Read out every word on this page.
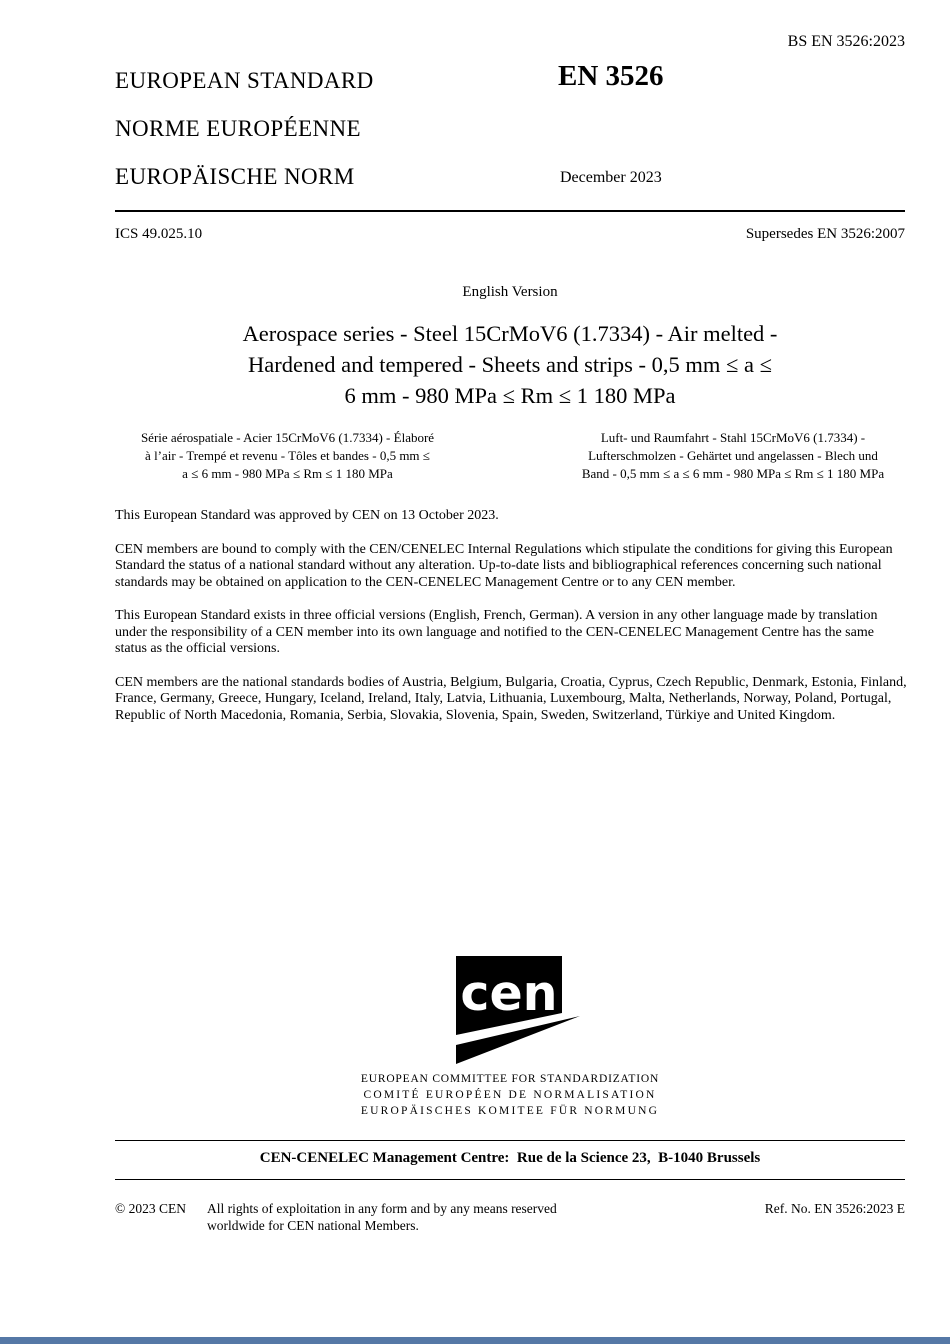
BS EN 3526:2023
EUROPEAN STANDARD
NORME EUROPÉENNE
EUROPÄISCHE NORM
EN 3526
December 2023
ICS 49.025.10	Supersedes EN 3526:2007
English Version
Aerospace series - Steel 15CrMoV6 (1.7334) - Air melted -
Hardened and tempered - Sheets and strips - 0,5 mm ≤ a ≤
6 mm - 980 MPa ≤ Rm ≤ 1 180 MPa
Série aérospatiale - Acier 15CrMoV6 (1.7334) - Élaboré
à l’air - Trempé et revenu - Tôles et bandes - 0,5 mm ≤
a ≤ 6 mm - 980 MPa ≤ Rm ≤ 1 180 MPa
Luft- und Raumfahrt - Stahl 15CrMoV6 (1.7334) -
Lufterschmolzen - Gehärtet und angelassen - Blech und
Band - 0,5 mm ≤ a ≤ 6 mm - 980 MPa ≤ Rm ≤ 1 180 MPa

This European Standard was approved by CEN on 13 October 2023.

CEN members are bound to comply with the CEN/CENELEC Internal Regulations which stipulate the conditions for giving this European Standard the status of a national standard without any alteration. Up-to-date lists and bibliographical references concerning such national standards may be obtained on application to the CEN-CENELEC Management Centre or to any CEN member.

This European Standard exists in three official versions (English, French, German). A version in any other language made by translation under the responsibility of a CEN member into its own language and notified to the CEN-CENELEC Management Centre has the same status as the official versions.

CEN members are the national standards bodies of Austria, Belgium, Bulgaria, Croatia, Cyprus, Czech Republic, Denmark, Estonia, Finland, France, Germany, Greece, Hungary, Iceland, Ireland, Italy, Latvia, Lithuania, Luxembourg, Malta, Netherlands, Norway, Poland, Portugal, Republic of North Macedonia, Romania, Serbia, Slovakia, Slovenia, Spain, Sweden, Switzerland, Türkiye and United Kingdom.

cen
EUROPEAN COMMITTEE FOR STANDARDIZATION
COMITÉ EUROPÉEN DE NORMALISATION
EUROPÄISCHES KOMITEE FÜR NORMUNG
CEN-CENELEC Management Centre:  Rue de la Science 23,  B-1040 Brussels
© 2023 CEN	All rights of exploitation in any form and by any means reserved
worldwide for CEN national Members.
Ref. No. EN 3526:2023 E
